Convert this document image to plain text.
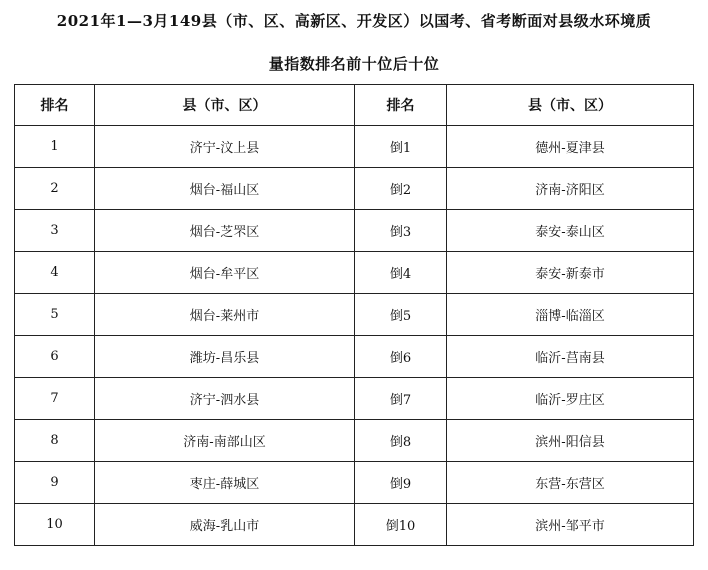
2021年1—3月149县（市、区、高新区、开发区）以国考、省考断面对县级水环境质
量指数排名前十位后十位
排名	县（市、区）	排名	县（市、区）
1	济宁-汶上县	倒1	德州-夏津县
2	烟台-福山区	倒2	济南-济阳区
3	烟台-芝罘区	倒3	泰安-泰山区
4	烟台-牟平区	倒4	泰安-新泰市
5	烟台-莱州市	倒5	淄博-临淄区
6	潍坊-昌乐县	倒6	临沂-莒南县
7	济宁-泗水县	倒7	临沂-罗庄区
8	济南-南部山区	倒8	滨州-阳信县
9	枣庄-薛城区	倒9	东营-东营区
10	威海-乳山市	倒10	滨州-邹平市
